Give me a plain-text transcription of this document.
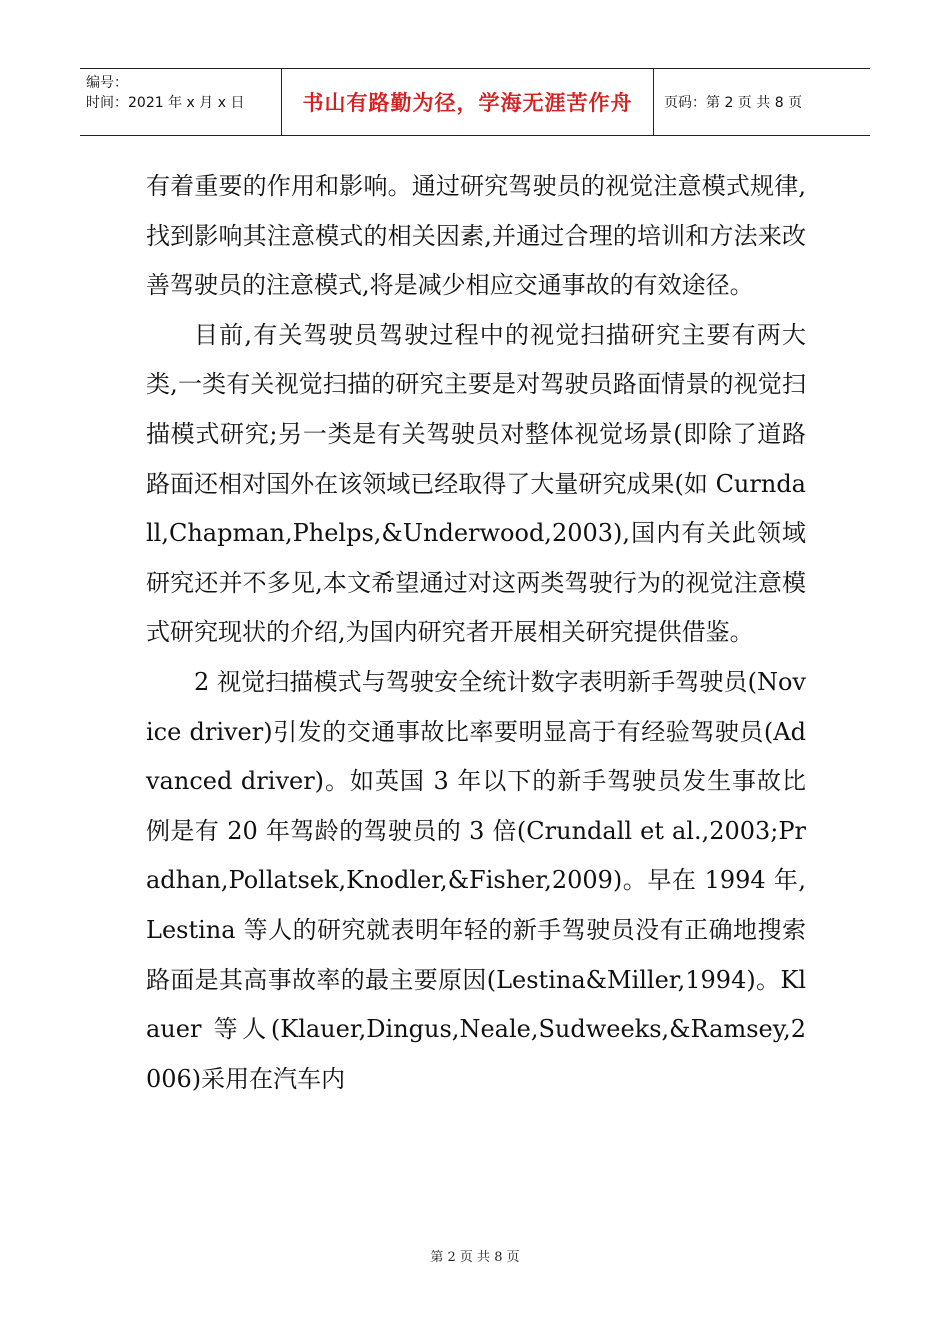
编号：
时间：2021 年 x 月 x 日	书山有路勤为径，学海无涯苦作舟 页码：第 2 页 共 8 页

有着重要的作用和影响。通过研究驾驶员的视觉注意模式规律,找到影响其注意模式的相关因素,并通过合理的培训和方法来改善驾驶员的注意模式,将是减少相应交通事故的有效途径。

目前,有关驾驶员驾驶过程中的视觉扫描研究主要有两大类,一类有关视觉扫描的研究主要是对驾驶员路面情景的视觉扫描模式研究;另一类是有关驾驶员对整体视觉场景(即除了道路路面还相对国外在该领域已经取得了大量研究成果(如 Curndall,Chapman,Phelps,&Underwood,2003),国内有关此领域研究还并不多见,本文希望通过对这两类驾驶行为的视觉注意模式研究现状的介绍,为国内研究者开展相关研究提供借鉴。

2 视觉扫描模式与驾驶安全统计数字表明新手驾驶员(Novice driver)引发的交通事故比率要明显高于有经验驾驶员(Advanced driver)。如英国 3 年以下的新手驾驶员发生事故比例是有 20 年驾龄的驾驶员的 3 倍(Crundall et al.,2003;Pradhan,Pollatsek,Knodler,&Fisher,2009)。早在 1994 年,Lestina 等人的研究就表明年轻的新手驾驶员没有正确地搜索路面是其高事故率的最主要原因(Lestina&Miller,1994)。Klauer 等人(Klauer,Dingus,Neale,Sudweeks,&Ramsey,2006)采用在汽车内

第 2 页 共 8 页
